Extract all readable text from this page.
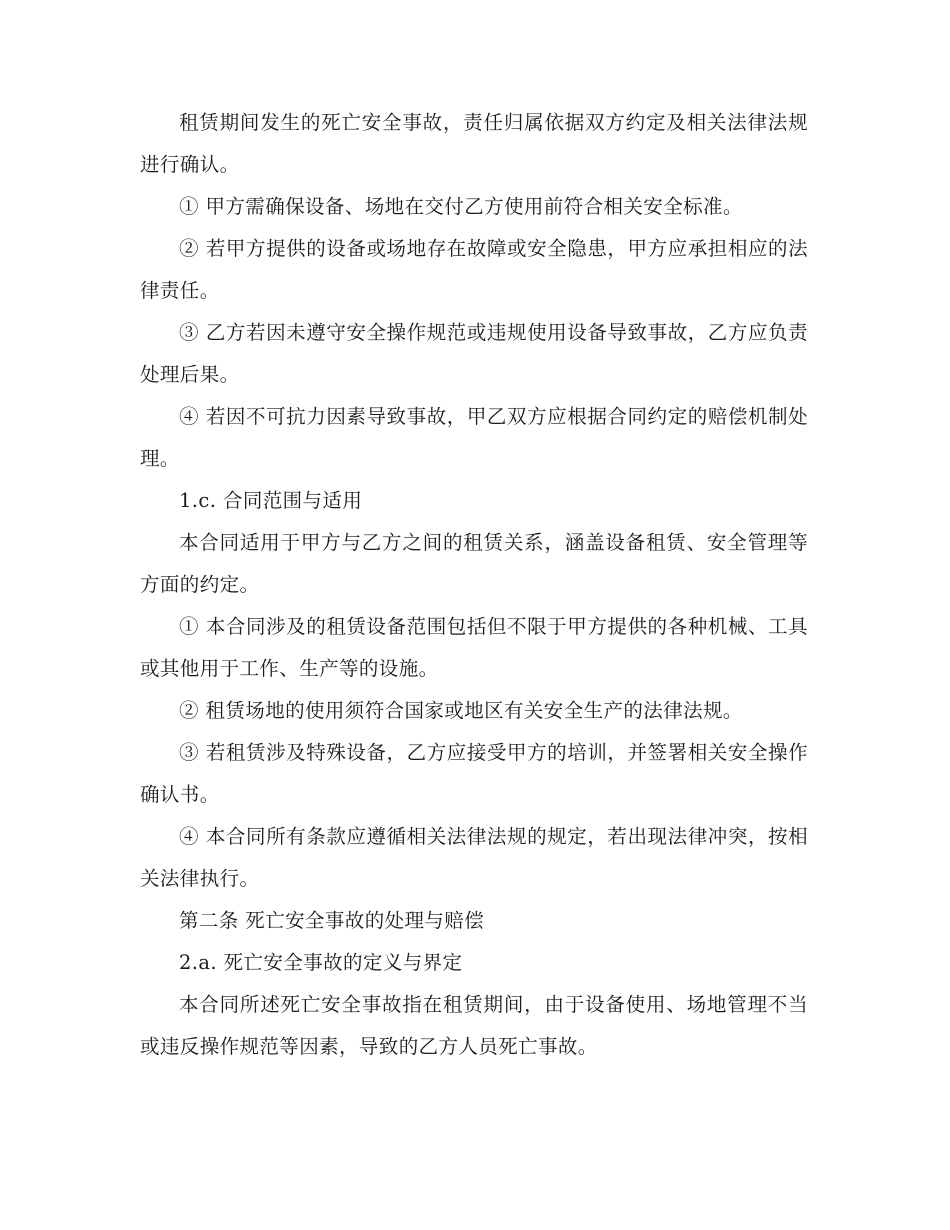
租赁期间发生的死亡安全事故，责任归属依据双方约定及相关法律法规进行确认。

① 甲方需确保设备、场地在交付乙方使用前符合相关安全标准。

② 若甲方提供的设备或场地存在故障或安全隐患，甲方应承担相应的法律责任。

③ 乙方若因未遵守安全操作规范或违规使用设备导致事故，乙方应负责处理后果。

④ 若因不可抗力因素导致事故，甲乙双方应根据合同约定的赔偿机制处理。

1.c. 合同范围与适用

本合同适用于甲方与乙方之间的租赁关系，涵盖设备租赁、安全管理等方面的约定。

① 本合同涉及的租赁设备范围包括但不限于甲方提供的各种机械、工具或其他用于工作、生产等的设施。

② 租赁场地的使用须符合国家或地区有关安全生产的法律法规。

③ 若租赁涉及特殊设备，乙方应接受甲方的培训，并签署相关安全操作确认书。

④ 本合同所有条款应遵循相关法律法规的规定，若出现法律冲突，按相关法律执行。

第二条 死亡安全事故的处理与赔偿

2.a. 死亡安全事故的定义与界定

本合同所述死亡安全事故指在租赁期间，由于设备使用、场地管理不当或违反操作规范等因素，导致的乙方人员死亡事故。
